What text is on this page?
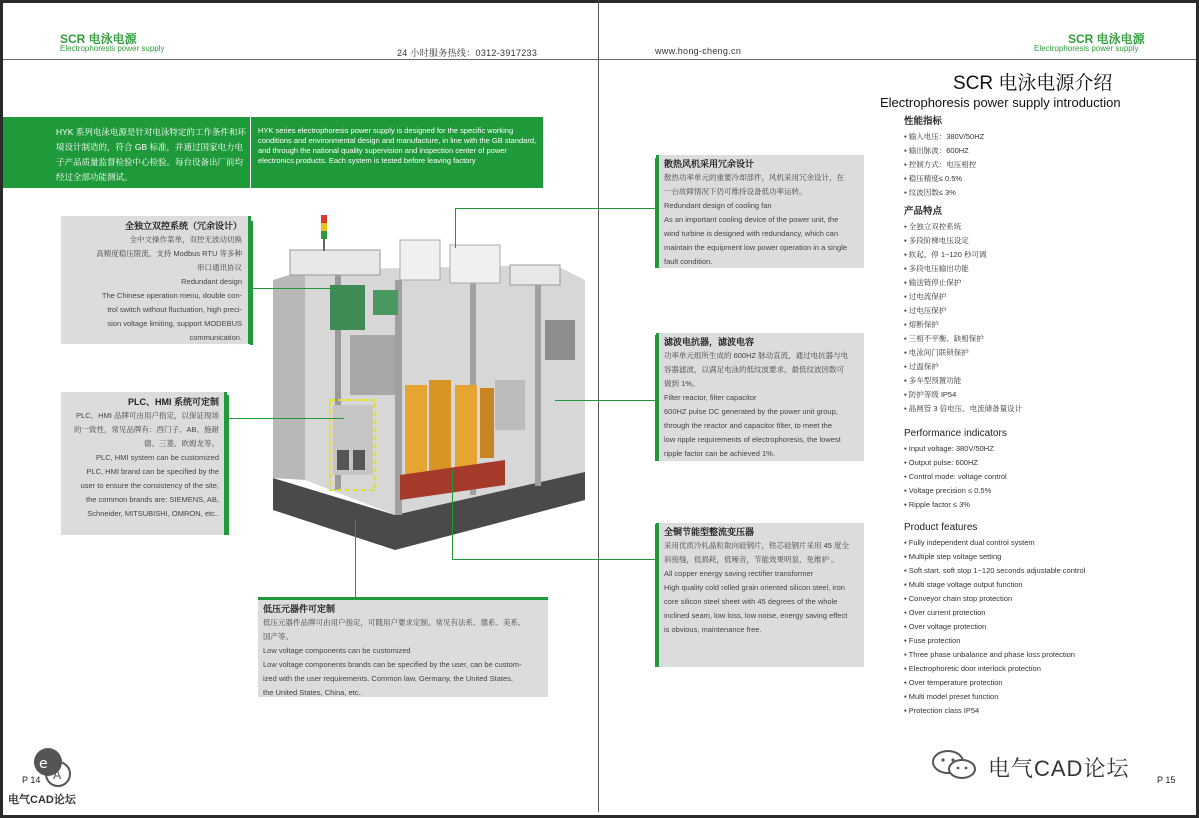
SCR 电泳电源
Electrophoresis power supply	24 小时服务热线：0312-3917233	www.hong-cheng.cn
SCR 电泳电源
Electrophoresis power supply
HYK 系列电泳电源是针对电泳特定的工作条件和环境设计制造的，符合 GB 标准，并通过国家电力电子产品质量监督检验中心检验。每台设备出厂前均经过全部功能测试。
HYK series electrophoresis power supply is designed for the specific working conditions and environmental design and manufacture, in line with the GB standard, and through the national quality supervision and inspection center of power electronics products. Each system is tested before leaving factory
全独立双控系统（冗余设计）
全中文操作菜单，双控无波动切换
高精度稳压限流，支持 Modbus RTU 等多种
串口通讯协议
Redundant design
The Chinese operation menu, double con-
trol switch without fluctuation, high preci-
sion voltage limiting, support MODEBUS
communication.
PLC、HMI 系统可定制
PLC、HMI 品牌可由用户指定，以保证现场
的一致性，常见品牌有：西门子、AB、施耐
德、三菱、欧姆龙等。
PLC, HMI system can be customized
PLC, HMI brand can be specified by the
user to ensure the consistency of the site,
the common brands are: SIEMENS, AB,
Schneider, MITSUBISHI, OMRON, etc..
低压元器件可定制
低压元器件品牌可由用户指定，可随用户要求定制。常见有法系、德系、美系、
国产等。
Low voltage components can be customized
Low voltage components brands can be specified by the user, can be custom-
ized with the user requirements. Common law, Germany, the United States,
the United States, China, etc..
散热风机采用冗余设计
散热功率单元的重要冷却部件，风机采用冗余设计，在
一台故障情况下仍可维持设备低功率运转。
Redundant design of cooling fan
As an important cooling device of the power unit, the
wind turbine is designed with redundancy, which can
maintain the equipment low power operation in a single
fault condition.
滤波电抗器，滤波电容
功率单元组所生成的 600HZ 脉动直流，通过电抗器与电
容器滤波，以满足电泳的低纹波要求，最低纹波因数可
做到 1%。
Filter reactor, filter capacitor
600HZ pulse DC generated by the power unit group,
through the reactor and capacitor filter, to meet the
low ripple requirements of electrophoresis, the lowest
ripple factor can be achieved 1%.
全铜节能型整流变压器
采用优质冷轧晶粒取向硅钢片，铁芯硅钢片采用 45 度全
斜接缝，低损耗，低噪音，节能效果明显，免维护 。
All copper energy saving rectifier transformer
High quality cold rolled grain oriented silicon steel, iron
core silicon steel sheet with 45 degrees of the whole
inclined seam, low loss, low noise, energy saving effect
is obvious, maintenance free.
SCR 电泳电源介绍
Electrophoresis power supply introduction
性能指标
▪ 输入电压：380V/50HZ
▪ 输出脉波：600HZ
▪ 控制方式：电压相控
▪ 稳压精度≤ 0.5%
▪ 纹波因数≤ 3%
产品特点
▪ 全独立双控系统
▪ 多段阶梯电压设定
▪ 软起、停 1~120 秒可调
▪ 多段电压输出功能
▪ 输送链停止保护
▪ 过电流保护
▪ 过电压保护
▪ 熔断保护
▪ 三相不平衡、缺相保护
▪ 电泳间门联锁保护
▪ 过温保护
▪ 多车型预置功能
▪ 防护等级 IP54
▪ 晶闸管 3 倍电压、电流储备量设计
Performance indicators
▪ Input voltage: 380V/50HZ
▪ Output pulse: 600HZ
▪ Control mode: voltage control
▪ Voltage precision ≤ 0.5%
▪ Ripple factor ≤ 3%
Product features
▪ Fully independent dual control system
▪ Multiple step voltage setting
▪ Soft start, soft stop 1~120 seconds adjustable control
▪ Multi stage voltage output function
▪ Conveyor chain stop protection
▪ Over current protection
▪ Over voltage protection
▪ Fuse protection
▪ Three phase unbalance and phase loss protection
▪ Electrophoretic door interlock protection
▪ Over temperature protection
▪ Multi model preset function
▪ Protection class IP54
P 14	P 15
e
A
电气CAD论坛
电气CAD论坛
